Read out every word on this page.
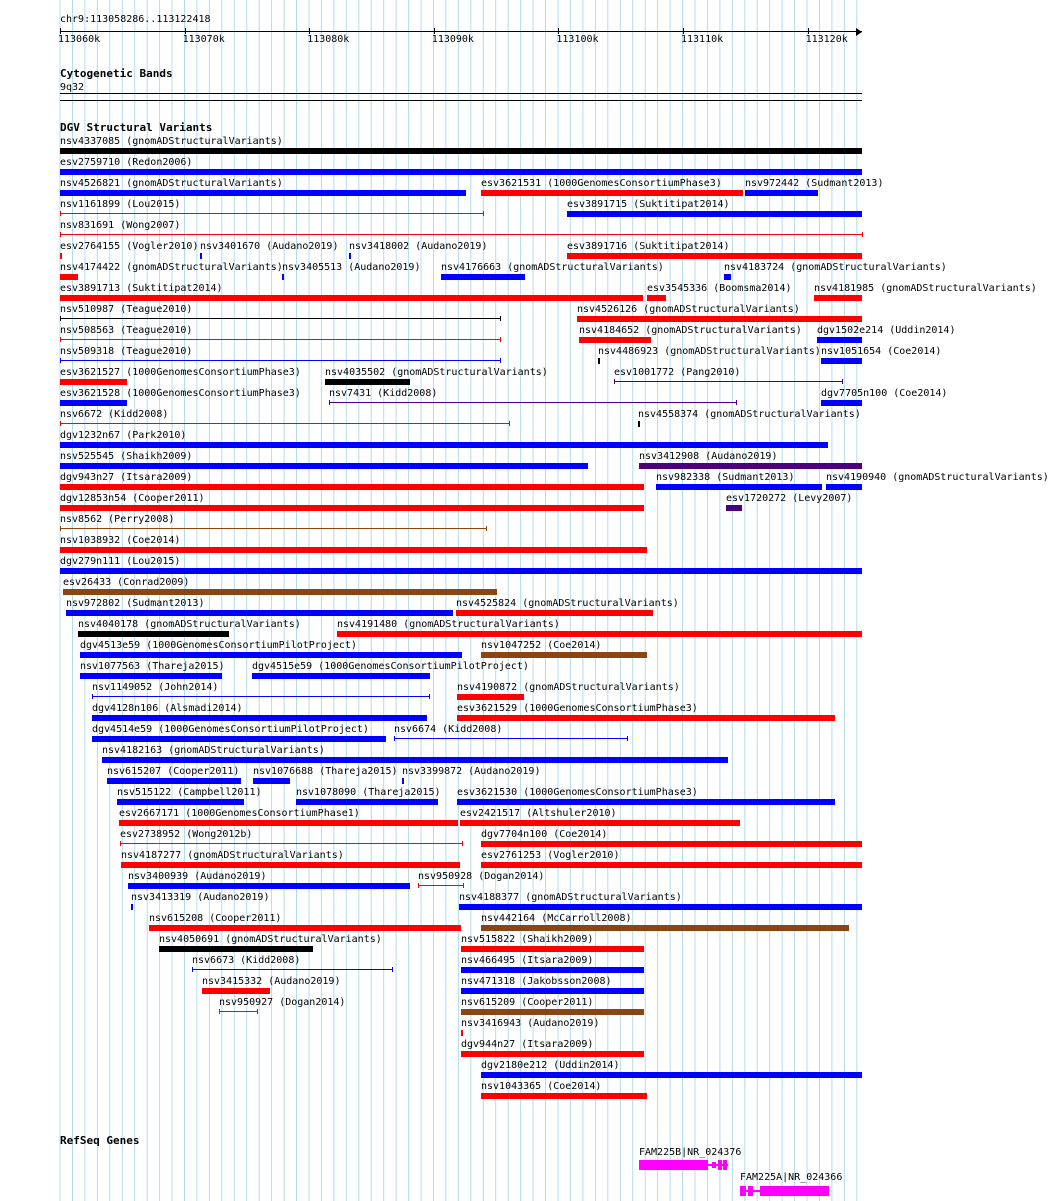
chr9:113058286..113122418
113060k	113070k	113080k	113090k	113100k	113110k	113120k
Cytogenetic Bands
9q32
DGV Structural Variants
nsv4337085 (gnomADStructuralVariants)
esv2759710 (Redon2006)
nsv4526821 (gnomADStructuralVariants)	esv3621531 (1000GenomesConsortiumPhase3) nsv972442 (Sudmant2013)
nsv1161899 (Lou2015)	esv3891715 (Suktitipat2014)
nsv831691 (Wong2007)
esv2764155 (Vogler2010) nsv3401670 (Audano2019) nsv3418002 (Audano2019)	esv3891716 (Suktitipat2014)
nsv4174422 (gnomADStructuralVariants) nsv3405513 (Audano2019) nsv4176663 (gnomADStructuralVariants)	nsv4183724 (gnomADStructuralVariants)
esv3891713 (Suktitipat2014)	esv3545336 (Boomsma2014) nsv4181985 (gnomADStructuralVariants)
nsv510987 (Teague2010)	nsv4526126 (gnomADStructuralVariants)
nsv508563 (Teague2010)	nsv4184652 (gnomADStructuralVariants) dgv1502e214 (Uddin2014)
nsv509318 (Teague2010)	nsv4486923 (gnomADStructuralVariants) nsv1051654 (Coe2014)
esv3621527 (1000GenomesConsortiumPhase3) nsv4035502 (gnomADStructuralVariants)	esv1001772 (Pang2010)
esv3621528 (1000GenomesConsortiumPhase3)	nsv7431 (Kidd2008)	dgv7705n100 (Coe2014)
nsv6672 (Kidd2008)	nsv4558374 (gnomADStructuralVariants)
dgv1232n67 (Park2010)
nsv525545 (Shaikh2009)	nsv3412908 (Audano2019)
dgv943n27 (Itsara2009)	nsv982338 (Sudmant2013)	nsv4190940 (gnomADStructuralVariants)
dgv12853n54 (Cooper2011)	esv1720272 (Levy2007)
nsv8562 (Perry2008)
nsv1038932 (Coe2014)
dgv279n111 (Lou2015)
esv26433 (Conrad2009)
nsv972802 (Sudmant2013)	nsv4525824 (gnomADStructuralVariants)
nsv4040178 (gnomADStructuralVariants)	nsv4191480 (gnomADStructuralVariants)
dgv4513e59 (1000GenomesConsortiumPilotProject)	nsv1047252 (Coe2014)
nsv1077563 (Thareja2015)	dgv4515e59 (1000GenomesConsortiumPilotProject)
nsv1149052 (John2014)	nsv4190872 (gnomADStructuralVariants)
dgv4128n106 (Alsmadi2014)	esv3621529 (1000GenomesConsortiumPhase3)
dgv4514e59 (1000GenomesConsortiumPilotProject)	nsv6674 (Kidd2008)
nsv4182163 (gnomADStructuralVariants)
nsv615207 (Cooper2011) nsv1076688 (Thareja2015) nsv3399872 (Audano2019)
nsv515122 (Campbell2011)	nsv1078090 (Thareja2015) esv3621530 (1000GenomesConsortiumPhase3)
esv2667171 (1000GenomesConsortiumPhase1)	esv2421517 (Altshuler2010)
esv2738952 (Wong2012b)	dgv7704n100 (Coe2014)
nsv4187277 (gnomADStructuralVariants)	esv2761253 (Vogler2010)
nsv3400939 (Audano2019)	nsv950928 (Dogan2014)
nsv3413319 (Audano2019)	nsv4188377 (gnomADStructuralVariants)
nsv615208 (Cooper2011)	nsv442164 (McCarroll2008)
nsv4050691 (gnomADStructuralVariants)	nsv515822 (Shaikh2009)
nsv6673 (Kidd2008)	nsv466495 (Itsara2009)
nsv3415332 (Audano2019)	nsv471318 (Jakobsson2008)
nsv950927 (Dogan2014)	nsv615209 (Cooper2011)
nsv3416943 (Audano2019)
dgv944n27 (Itsara2009)
dgv2180e212 (Uddin2014)
nsv1043365 (Coe2014)
RefSeq Genes
FAM225B|NR_024376
FAM225A|NR_024366
